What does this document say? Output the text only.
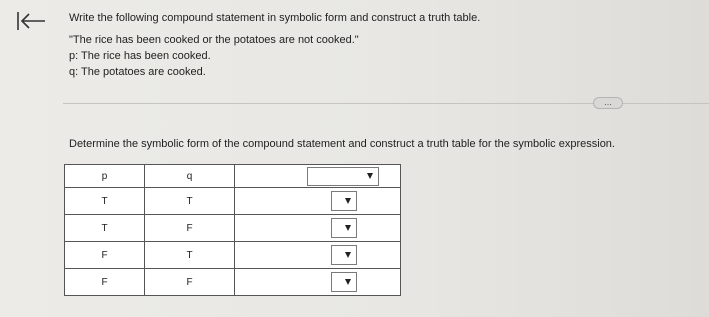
Write the following compound statement in symbolic form and construct a truth table.
"The rice has been cooked or the potatoes are not cooked."
p: The rice has been cooked.
q: The potatoes are cooked.
...
Determine the symbolic form of the compound statement and construct a truth table for the symbolic expression.
p	q	

T	T	

T	F	

F	T	

F	F	
